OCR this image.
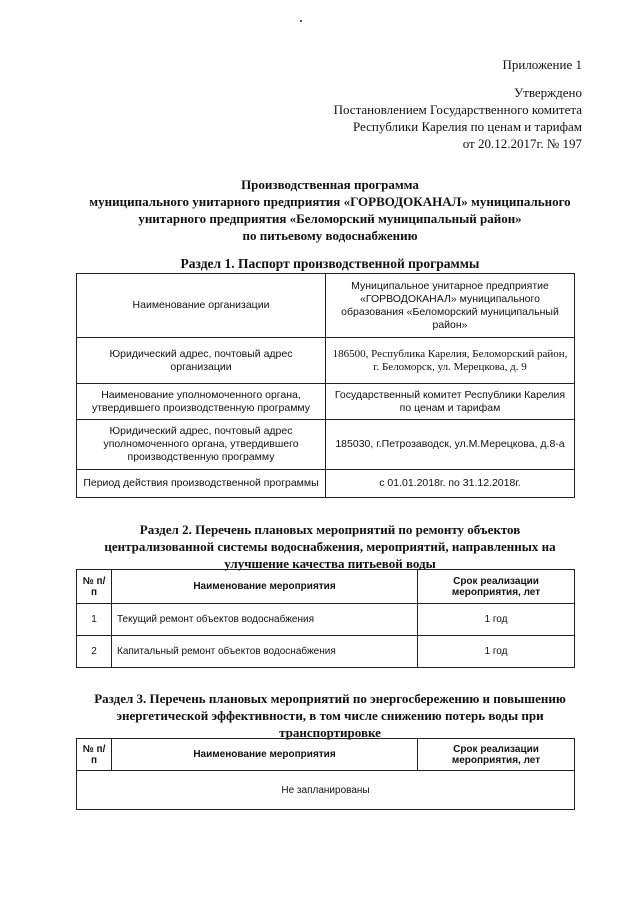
Приложение 1
Утверждено
Постановлением Государственного комитета
Республики Карелия по ценам и тарифам
от 20.12.2017г. № 197
Производственная программа
муниципального унитарного предприятия «ГОРВОДОКАНАЛ» муниципального
унитарного предприятия «Беломорский муниципальный район»
по питьевому водоснабжению
Раздел 1. Паспорт производственной программы
Наименование организации	Муниципальное унитарное предприятие «ГОРВОДОКАНАЛ» муниципального образования «Беломорский муниципальный район»
Юридический адрес, почтовый адрес организации	186500, Республика Карелия, Беломорский район, г. Беломорск, ул. Мерецкова, д. 9
Наименование уполномоченного органа, утвердившего производственную программу	Государственный комитет Республики Карелия по ценам и тарифам
Юридический адрес, почтовый адрес уполномоченного органа, утвердившего производственную программу	185030, г.Петрозаводск, ул.М.Мерецкова, д.8-а
Период действия производственной программы	с 01.01.2018г. по 31.12.2018г.
Раздел 2. Перечень плановых мероприятий по ремонту объектов
централизованной системы водоснабжения, мероприятий, направленных на
улучшение качества питьевой воды
№ п/п	Наименование мероприятия	Срок реализации мероприятия, лет
1	Текущий ремонт объектов водоснабжения	1 год
2	Капитальный ремонт объектов водоснабжения	1 год
Раздел 3. Перечень плановых мероприятий по энергосбережению и повышению
энергетической эффективности, в том числе снижению потерь воды при
транспортировке
№ п/п	Наименование мероприятия	Срок реализации мероприятия, лет
Не запланированы
